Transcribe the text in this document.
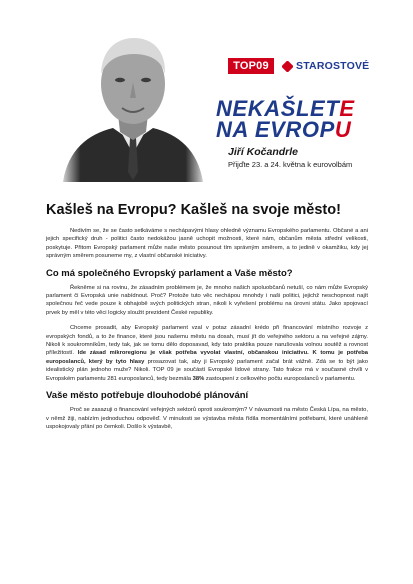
TOP09	STAROSTOVÉ
NEKAŠLETE
NA EVROPU
Jiří Kočandrle
Přijďte 23. a 24. května k eurovolbám
Kašleš na Evropu? Kašleš na svoje město!

Nedivím se, že se často setkáváme s nechápavými hlasy ohledně významu Evropského parlamentu. Občané a ani jejich specifický druh - politici často nedokážou jasně uchopit možnosti, které nám, občanům města střední velikosti, poskytuje. Přitom Evropský parlament může naše město posunout tím správným směrem, a to jedině v okamžiku, kdy jej správným směrem posuneme my, z vlastní občanské iniciativy.

Co má společného Evropský parlament a Vaše město?

Řekněme si na rovinu, že zásadním problémem je, že mnoho našich spoluobčanů netuší, co nám může Evropský parlament či Evropská unie nabídnout. Proč? Protože tuto věc nechápou mnohdy i naši politici, jejichž neschopnost najít společnou řeč vede pouze k obhajobě svých politických stran, nikoli k vyřešení problému na úrovni státu. Jako spojovací prvek by měl v této věci logicky sloužit prezident České republiky.

Chceme prosadit, aby Evropský parlament vzal v potaz zásadní krédo při financování místního rozvoje z evropských fondů, a to že finance, které jsou našemu městu na dosah, musí jít do veřejného sektoru a na veřejné zájmy. Nikoli k soukromníkům, tedy tak, jak se tomu dělo doposavad, kdy tato praktika pouze narušovala volnou soutěž a rovnost příležitostí. Ide zásad mikroregionu je však potřeba vyvolat vlastní, občanskou iniciativu. K tomu je potřeba europoslanců, který by tyto hlasy prosazovat tak, aby ji Evropský parlament začal brát vážně. Zdá se to být jako idealistický plán jednoho muže? Nikoli. TOP 09 je součástí Evropské lidové strany. Tato frakce má v současné chvíli v Evropském parlamentu 281 europoslanců, tedy bezmála 38% zastoupení z celkového počtu europoslanců v parlamentu.

Vaše město potřebuje dlouhodobé plánování

Proč se zasazuji o financování veřejných sektorů oproti soukromým? V návaznosti na město Česká Lípa, na město, v němž žiji, nabízím jednoduchou odpověď. V minulosti se výstavba města řídila momentálními potřebami, které unáhleně uspokojovaly přání po čemkoli. Došlo k výstavbě,
